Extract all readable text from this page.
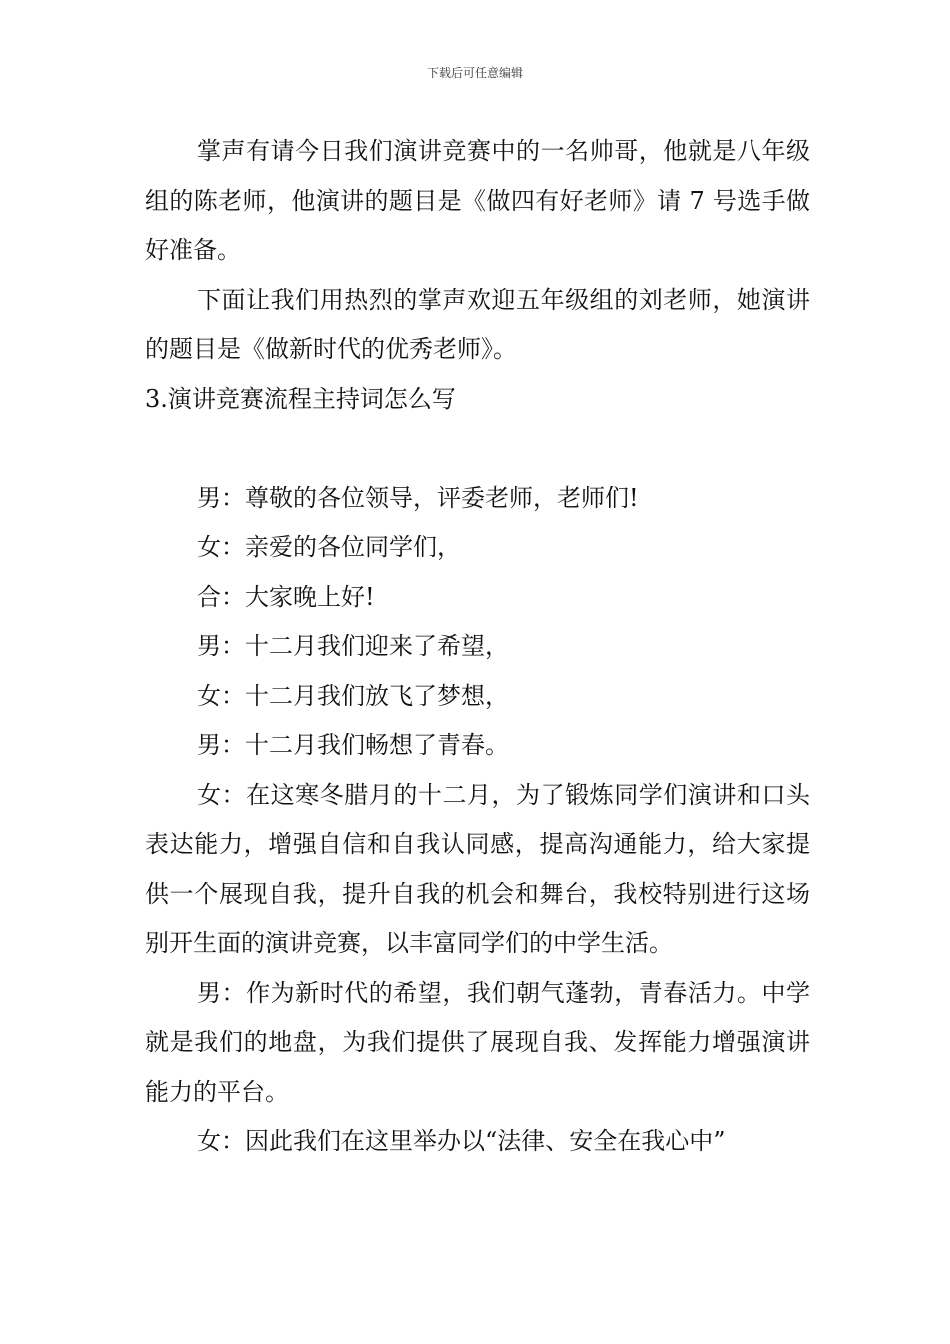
下载后可任意编辑

掌声有请今日我们演讲竞赛中的一名帅哥，他就是八年级组的陈老师，他演讲的题目是《做四有好老师》请 7 号选手做好准备。

下面让我们用热烈的掌声欢迎五年级组的刘老师，她演讲的题目是《做新时代的优秀老师》。

3.演讲竞赛流程主持词怎么写

男：尊敬的各位领导，评委老师，老师们!

女：亲爱的各位同学们，

合：大家晚上好!

男：十二月我们迎来了希望，

女：十二月我们放飞了梦想，

男：十二月我们畅想了青春。

女：在这寒冬腊月的十二月，为了锻炼同学们演讲和口头表达能力，增强自信和自我认同感，提高沟通能力，给大家提供一个展现自我，提升自我的机会和舞台，我校特别进行这场别开生面的演讲竞赛，以丰富同学们的中学生活。

男：作为新时代的希望，我们朝气蓬勃，青春活力。中学就是我们的地盘，为我们提供了展现自我、发挥能力增强演讲能力的平台。

女：因此我们在这里举办以“法律、安全在我心中”
